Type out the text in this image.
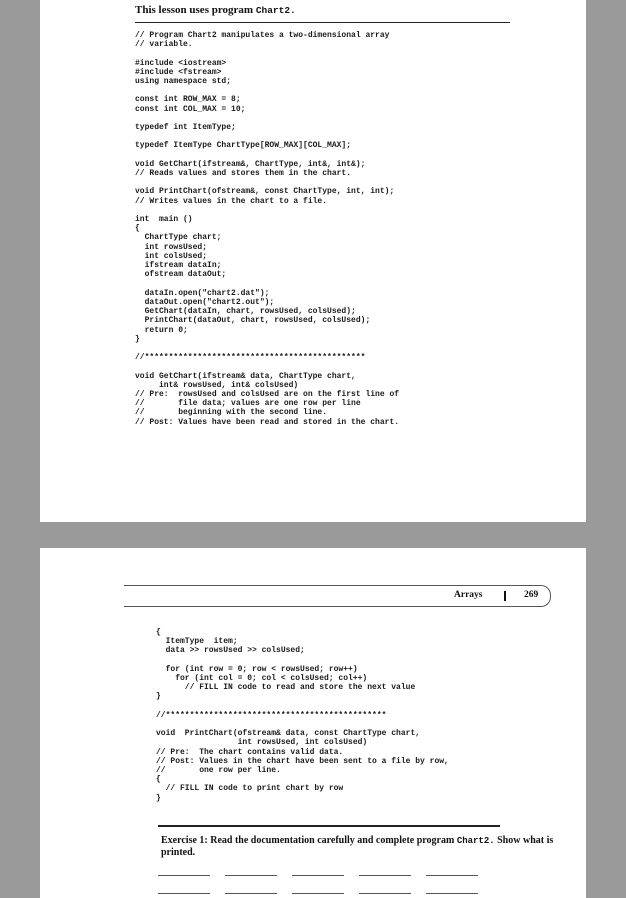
This lesson uses program Chart2.
// Program Chart2 manipulates a two-dimensional array
// variable.

#include <iostream>
#include <fstream>
using namespace std;

const int ROW_MAX = 8;
const int COL_MAX = 10;

typedef int ItemType;

typedef ItemType ChartType[ROW_MAX][COL_MAX];

void GetChart(ifstream&, ChartType, int&, int&);
// Reads values and stores them in the chart.

void PrintChart(ofstream&, const ChartType, int, int);
// Writes values in the chart to a file.

int  main ()
{
ChartType chart;
int rowsUsed;
int colsUsed;
ifstream dataIn;
ofstream dataOut;

dataIn.open("chart2.dat");
dataOut.open("chart2.out");
GetChart(dataIn, chart, rowsUsed, colsUsed);
PrintChart(dataOut, chart, rowsUsed, colsUsed);
return 0;
}

//**********************************************

void GetChart(ifstream& data, ChartType chart,
int& rowsUsed, int& colsUsed)
// Pre:  rowsUsed and colsUsed are on the first line of
//       file data; values are one row per line
//       beginning with the second line.
// Post: Values have been read and stored in the chart.
Arrays	269
{
ItemType  item;
data >> rowsUsed >> colsUsed;

for (int row = 0; row < rowsUsed; row++)
for (int col = 0; col < colsUsed; col++)
// FILL IN code to read and store the next value
}

//**********************************************

void  PrintChart(ofstream& data, const ChartType chart,
int rowsUsed, int colsUsed)
// Pre:  The chart contains valid data.
// Post: Values in the chart have been sent to a file by row,
//       one row per line.
{
// FILL IN code to print chart by row
}
Exercise 1: Read the documentation carefully and complete program Chart2. Show what is printed.
